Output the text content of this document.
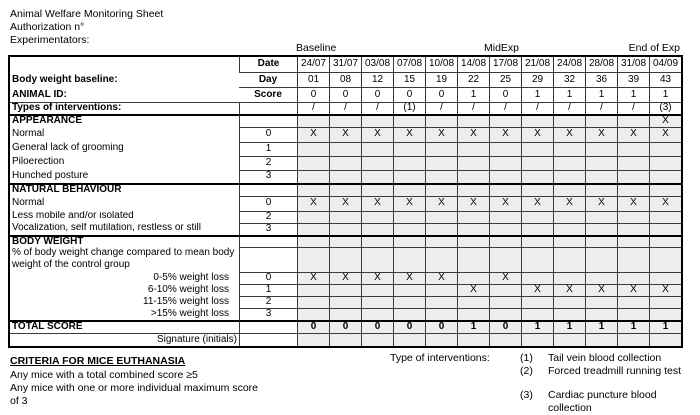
Animal Welfare Monitoring Sheet
Authorization n°
Experimentators:
Baseline	MidExp	End of Exp
Body weight baseline:
ANIMAL ID:	Date	24/07	31/07	03/08	07/08	10/08	14/08	17/08	21/08	24/08	28/08	31/08	04/09
	Day	01	08	12	15	19	22	25	29	32	36	39	43
	Score	0	0	0	0	0	1	0	1	1	1	1	1
Types of interventions:		/	/	/	(1)	/	/	/	/	/	/	/	(3)
APPEARANCE													X
Normal	0	X	X	X	X	X	X	X	X	X	X	X	X
General lack of grooming	1												
Piloerection	2												
Hunched posture	3												
NATURAL BEHAVIOUR													
Normal	0	X	X	X	X	X	X	X	X	X	X	X	X
Less mobile and/or isolated	2												
Vocalization, self mutilation, restless or still	3												
BODY WEIGHT													
% of body weight change compared to mean body weight of the control group													
0-5% weight loss	0	X	X	X	X	X		X					
6-10% weight loss	1						X		X	X	X	X	X
11-15% weight loss	2												
>15% weight loss	3												
TOTAL SCORE		0	0	0	0	0	1	0	1	1	1	1	1
Signature (initials)													
CRITERIA FOR MICE EUTHANASIA
Any mice with a total combined score ≥5
Any mice with one or more individual maximum score
of 3
Type of interventions:	(1)	Tail vein blood collection
(2)	Forced treadmill running test
(3)	Cardiac puncture blood collection
